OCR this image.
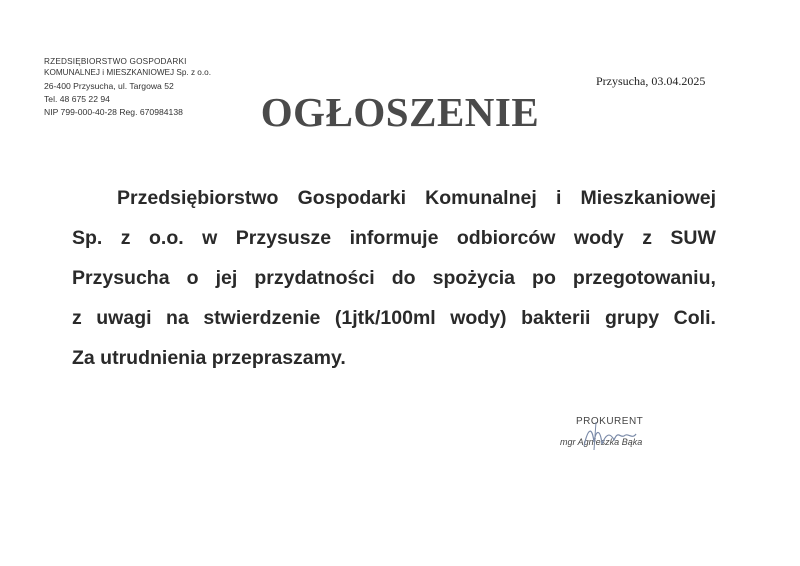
RZEDSIĘBIORSTWO GOSPODARKI
KOMUNALNEJ i MIESZKANIOWEJ Sp. z o.o.
26-400 Przysucha, ul. Targowa 52
Tel. 48 675 22 94
NIP 799-000-40-28 Reg. 670984138
Przysucha, 03.04.2025
OGŁOSZENIE
Przedsiębiorstwo Gospodarki Komunalnej i Mieszkaniowej
Sp. z o.o. w Przysusze informuje odbiorców wody z SUW
Przysucha o jej przydatności do spożycia po przegotowaniu,
z uwagi na stwierdzenie (1jtk/100ml wody) bakterii grupy Coli.
Za utrudnienia przepraszamy.
PROKURENT
mgr Agnieszka Bąka
